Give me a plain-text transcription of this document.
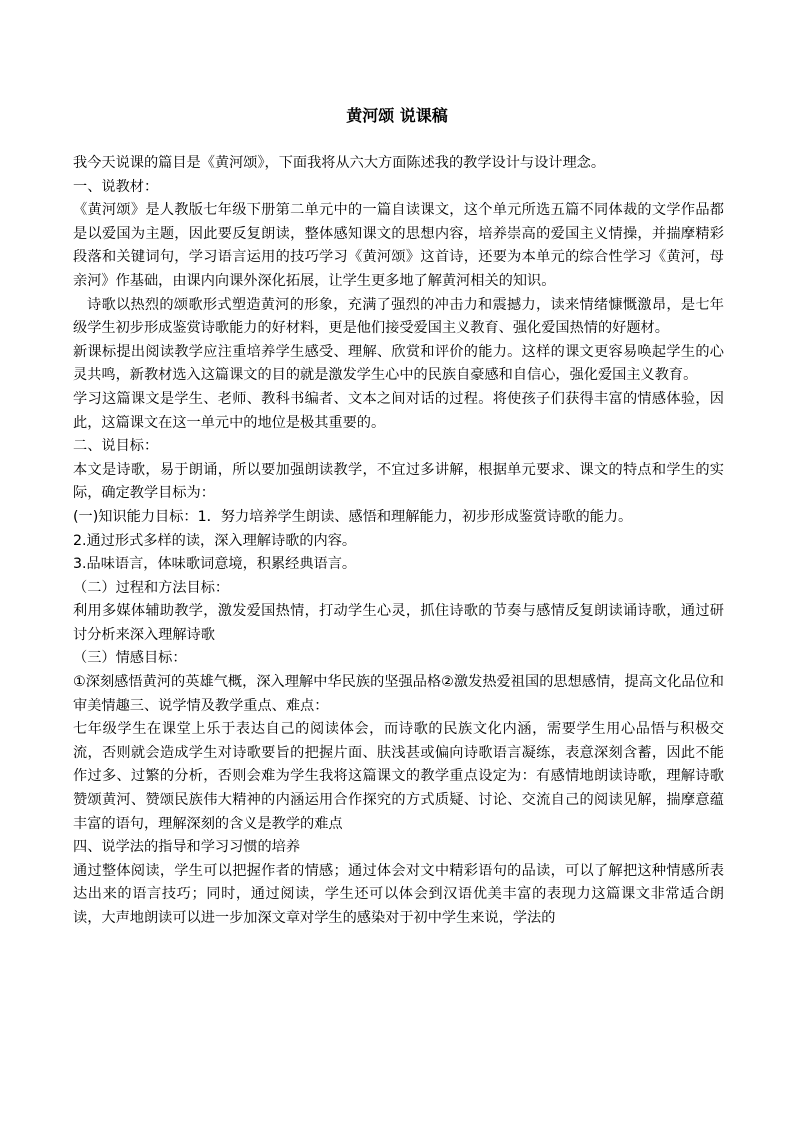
黄河颂 说课稿

我今天说课的篇目是《黄河颂》，下面我将从六大方面陈述我的教学设计与设计理念。

一、说教材：

《黄河颂》是人教版七年级下册第二单元中的一篇自读课文，这个单元所选五篇不同体裁的文学作品都是以爱国为主题，因此要反复朗读，整体感知课文的思想内容，培养崇高的爱国主义情操，并揣摩精彩段落和关键词句，学习语言运用的技巧学习《黄河颂》这首诗，还要为本单元的综合性学习《黄河，母亲河》作基础，由课内向课外深化拓展，让学生更多地了解黄河相关的知识。

诗歌以热烈的颂歌形式塑造黄河的形象，充满了强烈的冲击力和震撼力，读来情绪慷慨激昂，是七年级学生初步形成鉴赏诗歌能力的好材料，更是他们接受爱国主义教育、强化爱国热情的好题材。

新课标提出阅读教学应注重培养学生感受、理解、欣赏和评价的能力。这样的课文更容易唤起学生的心灵共鸣，新教材选入这篇课文的目的就是激发学生心中的民族自豪感和自信心，强化爱国主义教育。

学习这篇课文是学生、老师、教科书编者、文本之间对话的过程。将使孩子们获得丰富的情感体验，因此，这篇课文在这一单元中的地位是极其重要的。

二、说目标：

本文是诗歌，易于朗诵，所以要加强朗读教学，不宜过多讲解，根据单元要求、课文的特点和学生的实际，确定教学目标为：

(一)知识能力目标：1．努力培养学生朗读、感悟和理解能力，初步形成鉴赏诗歌的能力。

2.通过形式多样的读，深入理解诗歌的内容。

3.品味语言，体味歌词意境，积累经典语言。

（二）过程和方法目标：

利用多媒体辅助教学，激发爱国热情，打动学生心灵，抓住诗歌的节奏与感情反复朗读诵诗歌，通过研讨分析来深入理解诗歌

（三）情感目标：

①深刻感悟黄河的英雄气概，深入理解中华民族的坚强品格②激发热爱祖国的思想感情，提高文化品位和审美情趣三、说学情及教学重点、难点：

七年级学生在课堂上乐于表达自己的阅读体会，而诗歌的民族文化内涵，需要学生用心品悟与积极交流，否则就会造成学生对诗歌要旨的把握片面、肤浅甚或偏向诗歌语言凝练，表意深刻含蓄，因此不能作过多、过繁的分析，否则会难为学生我将这篇课文的教学重点设定为：有感情地朗读诗歌，理解诗歌赞颂黄河、赞颂民族伟大精神的内涵运用合作探究的方式质疑、讨论、交流自己的阅读见解，揣摩意蕴丰富的语句，理解深刻的含义是教学的难点

四、说学法的指导和学习习惯的培养

通过整体阅读，学生可以把握作者的情感；通过体会对文中精彩语句的品读，可以了解把这种情感所表达出来的语言技巧；同时，通过阅读，学生还可以体会到汉语优美丰富的表现力这篇课文非常适合朗读，大声地朗读可以进一步加深文章对学生的感染对于初中学生来说，学法的
